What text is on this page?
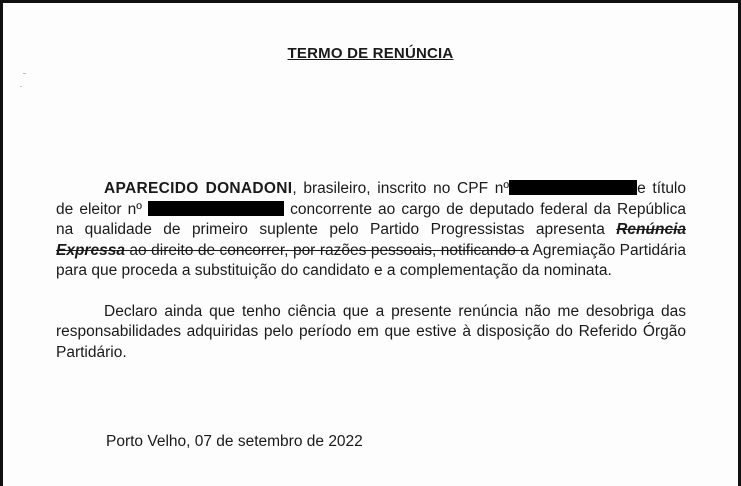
TERMO DE RENÚNCIA

APARECIDO DONADONI, brasileiro, inscrito no CPF nº	e título de eleitor nº	concorrente ao cargo de deputado federal da República na qualidade de primeiro suplente pelo Partido Progressistas apresenta Renúncia Expressa ao direito de concorrer, por razões pessoais, notificando a Agremiação Partidária para que proceda a substituição do candidato e a complementação da nominata.

Declaro ainda que tenho ciência que a presente renúncia não me desobriga das responsabilidades adquiridas pelo período em que estive à disposição do Referido Órgão Partidário.

Porto Velho, 07 de setembro de 2022
